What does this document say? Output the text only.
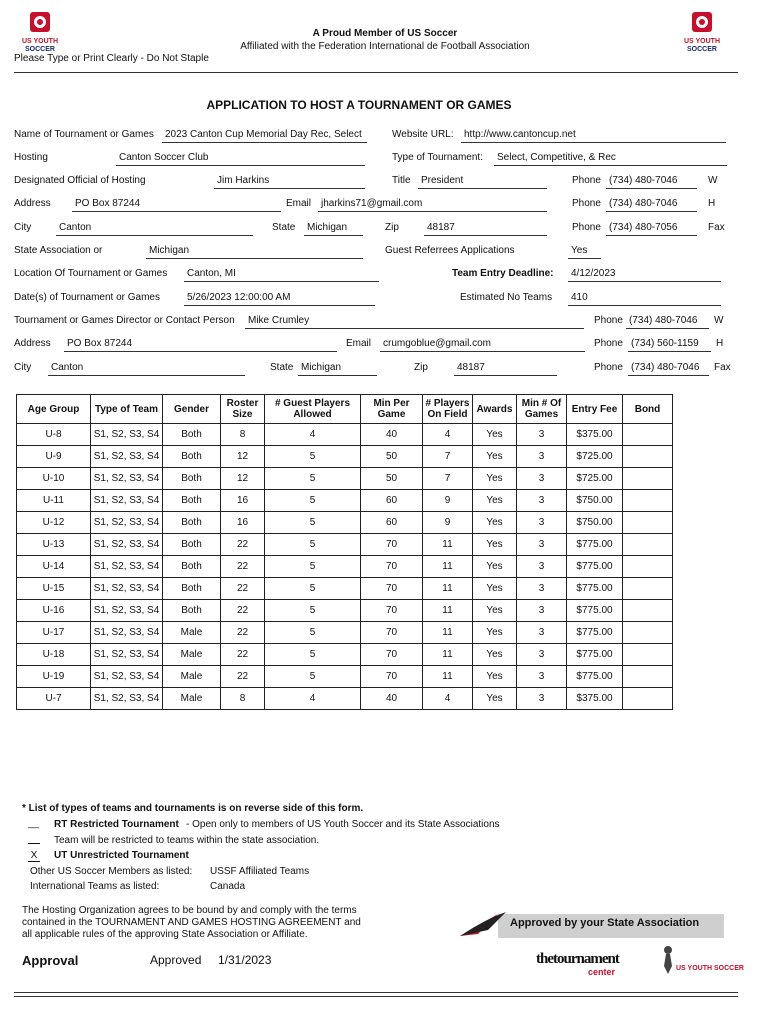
US YOUTH
SOCCER
US YOUTH
SOCCER
A Proud Member of US Soccer
Affiliated with the Federation International de Football Association
Please Type or Print Clearly - Do Not Staple
APPLICATION TO HOST A TOURNAMENT OR GAMES
Name of Tournament or Games	2023 Canton Cup Memorial Day Rec, Select	Website URL:	http://www.cantoncup.net
Hosting	Canton Soccer Club	Type of Tournament:	Select, Competitive, & Rec
Designated Official of Hosting	Jim Harkins	Title	President	Phone (734) 480-7046	W
Address	PO Box 87244	Email jharkins71@gmail.com	Phone (734) 480-7046	H
City	Canton	State	Michigan	Zip	48187	Phone (734) 480-7056	Fax
State Association or	Michigan	Guest Referrees Applications	Yes
Location Of Tournament or Games	Canton, MI	Team Entry Deadline:	4/12/2023
Date(s) of Tournament or Games	5/26/2023 12:00:00 AM	Estimated No Teams	410
Tournament or Games Director or Contact Person	Mike Crumley	Phone (734) 480-7046	W
Address	PO Box 87244	Email	crumgoblue@gmail.com	Phone (734) 560-1159	H
City	Canton	State Michigan	Zip	48187	Phone (734) 480-7046	Fax
Age Group	Type of Team	Gender	Roster Size	# Guest Players Allowed	Min Per Game	# Players On Field	Awards	Min # Of Games	Entry Fee	Bond
U-8	S1, S2, S3, S4	Both	8	4	40	4	Yes	3	$375.00	
U-9	S1, S2, S3, S4	Both	12	5	50	7	Yes	3	$725.00	
U-10	S1, S2, S3, S4	Both	12	5	50	7	Yes	3	$725.00	
U-11	S1, S2, S3, S4	Both	16	5	60	9	Yes	3	$750.00	
U-12	S1, S2, S3, S4	Both	16	5	60	9	Yes	3	$750.00	
U-13	S1, S2, S3, S4	Both	22	5	70	11	Yes	3	$775.00	
U-14	S1, S2, S3, S4	Both	22	5	70	11	Yes	3	$775.00	
U-15	S1, S2, S3, S4	Both	22	5	70	11	Yes	3	$775.00	
U-16	S1, S2, S3, S4	Both	22	5	70	11	Yes	3	$775.00	
U-17	S1, S2, S3, S4	Male	22	5	70	11	Yes	3	$775.00	
U-18	S1, S2, S3, S4	Male	22	5	70	11	Yes	3	$775.00	
U-19	S1, S2, S3, S4	Male	22	5	70	11	Yes	3	$775.00	
U-7	S1, S2, S3, S4	Male	8	4	40	4	Yes	3	$375.00	
* List of types of teams and tournaments is on reverse side of this form.
__ RT Restricted Tournament - Open only to members of US Youth Soccer and its State Associations
Team will be restricted to teams within the state association.
X UT Unrestricted Tournament
Other US Soccer Members as listed: USSF Affiliated Teams
International Teams as listed:	Canada
The Hosting Organization agrees to be bound by and comply with the terms
contained in the TOURNAMENT AND GAMES HOSTING AGREEMENT and
all applicable rules of the approving State Association or Affiliate.
Approval	Approved 1/31/2023
Approved by your State Association
thetournament
center	US YOUTH SOCCER
